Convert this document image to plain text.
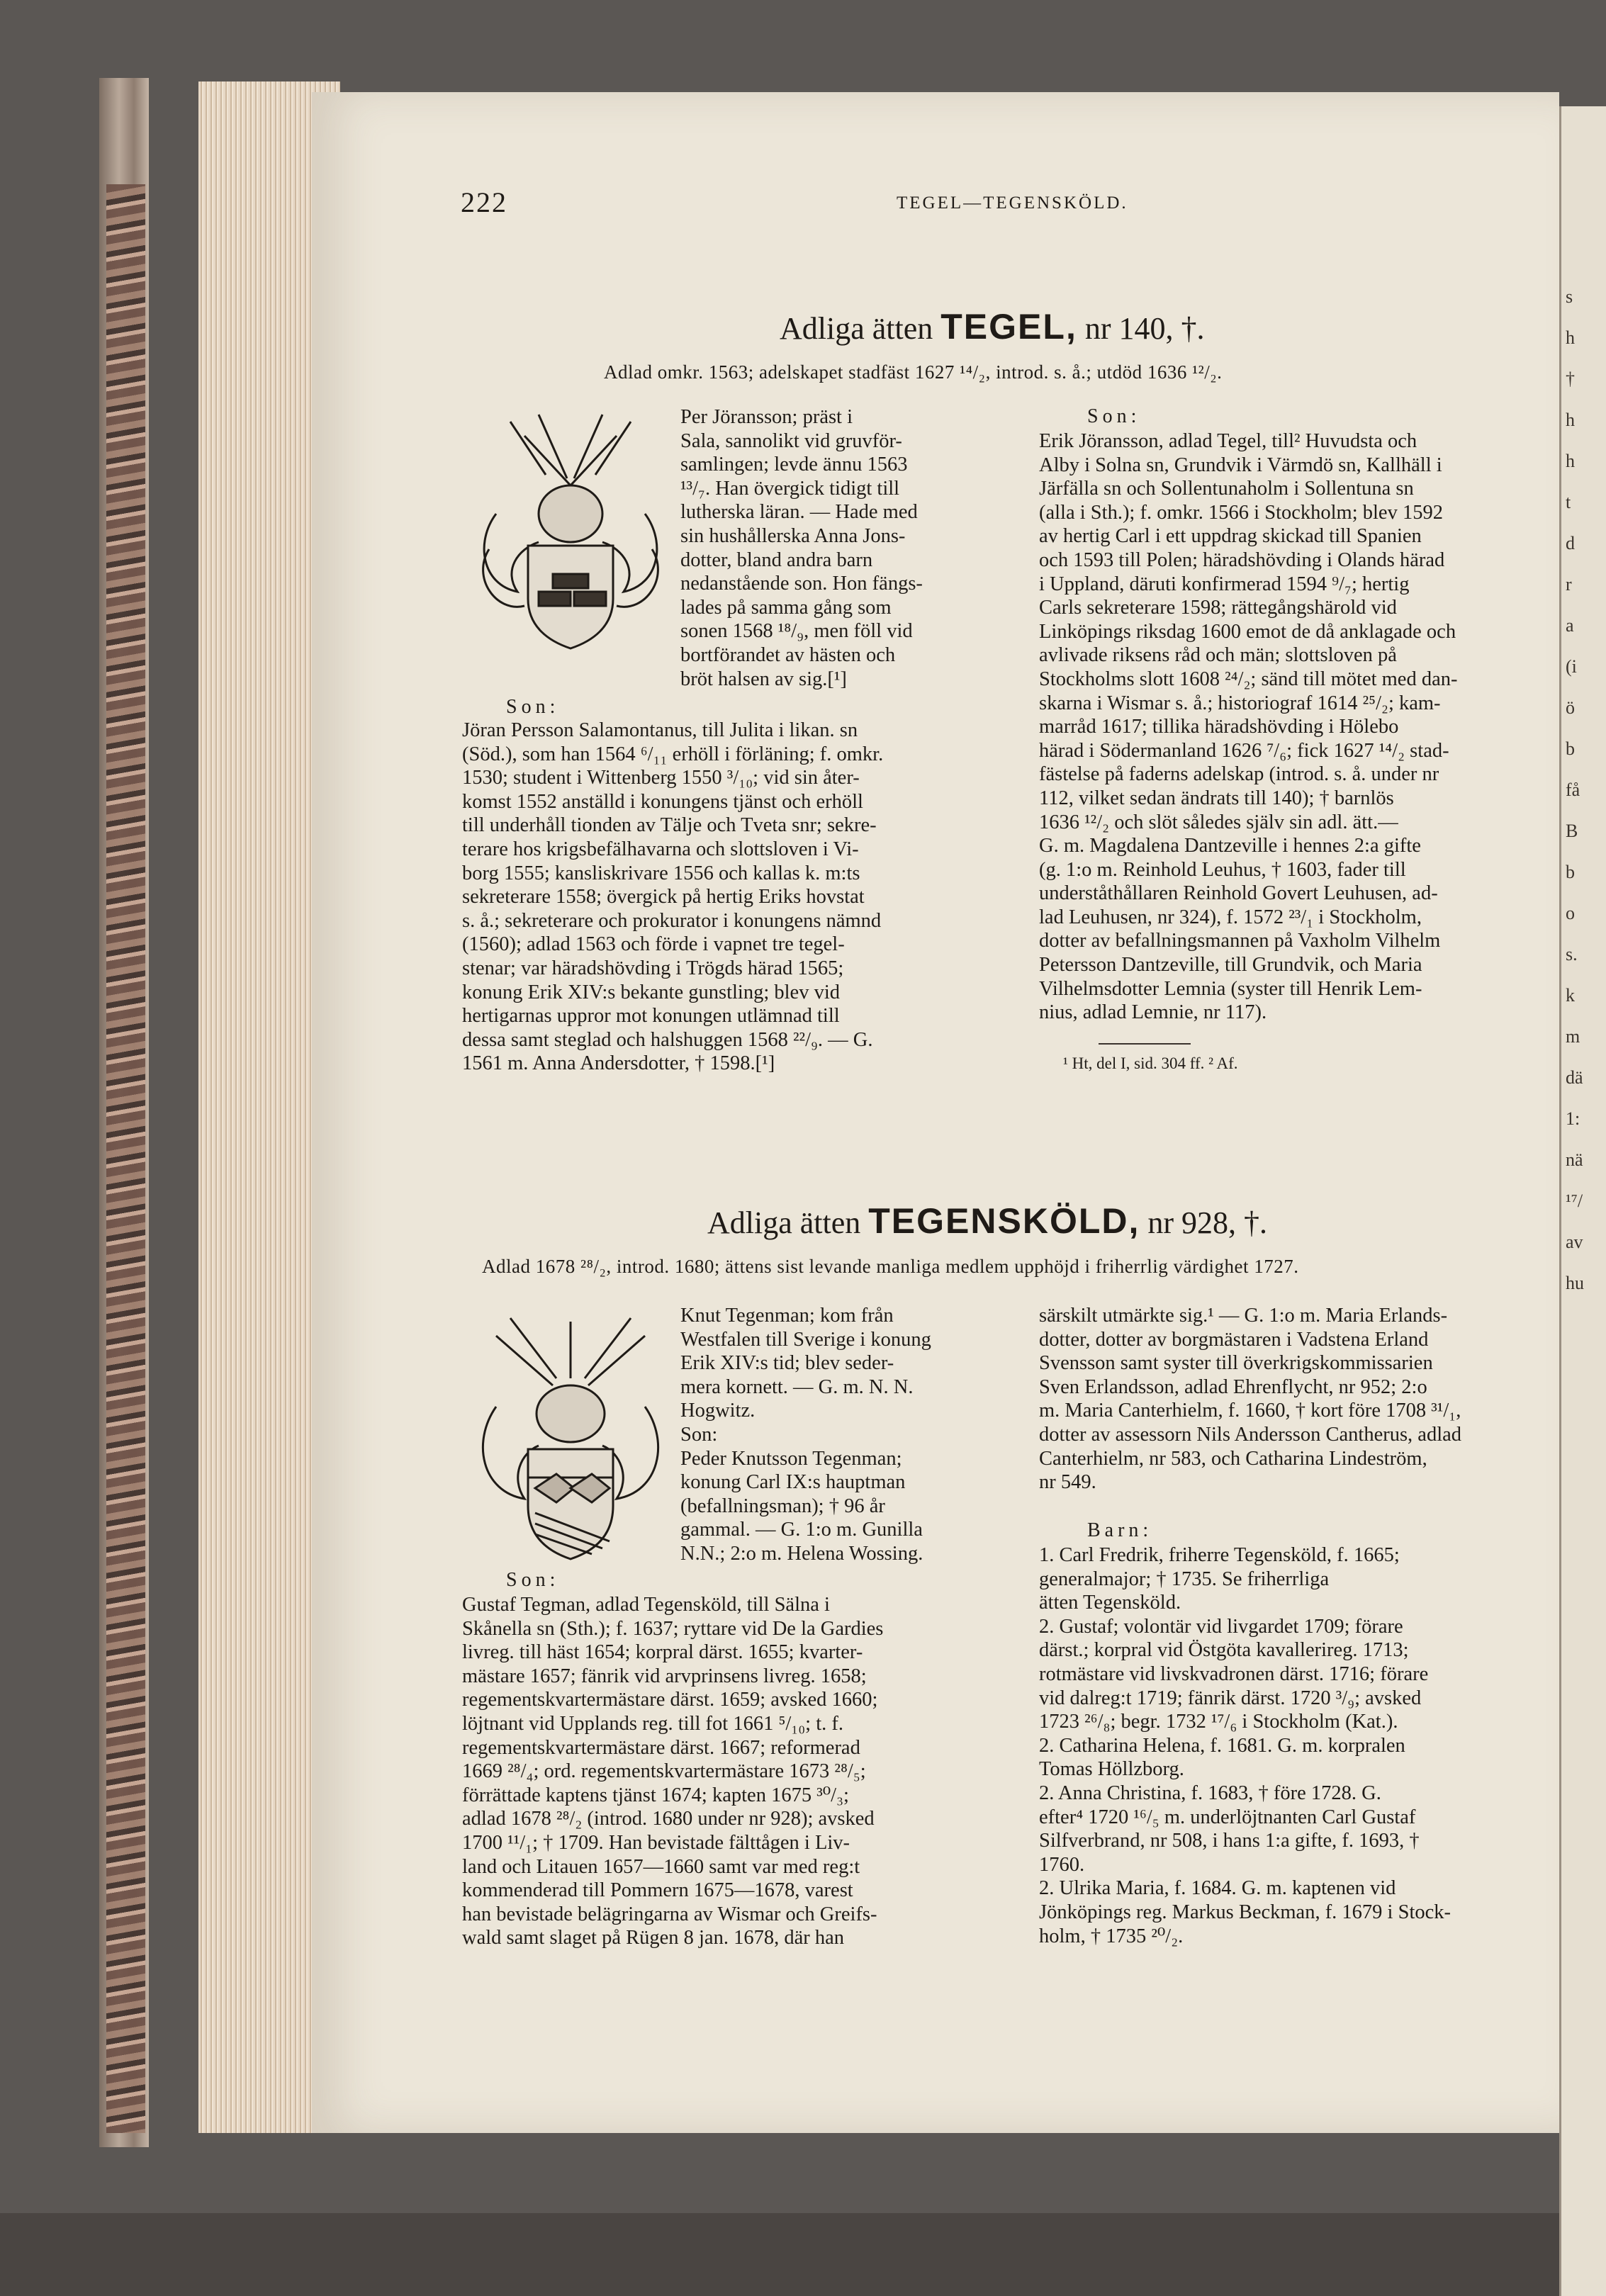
s
h
†
h
h
t
d
r
a
(i
ö
b
få
B
b
o
s.
k
m
dä
1:
nä
¹⁷/
av
hu
222	TEGEL—TEGENSKÖLD.
Adliga ätten TEGEL, nr 140, †.
Adlad omkr. 1563; adelskapet stadfäst 1627 ¹⁴/₂, introd. s. å.; utdöd 1636 ¹²/₂.
Per Jöransson; präst i
Sala, sannolikt vid gruvför-
samlingen; levde ännu 1563
¹³/₇. Han övergick tidigt till
lutherska läran. — Hade med
sin hushållerska Anna Jons-
dotter, bland andra barn
nedanstående son. Hon fängs-
lades på samma gång som
sonen 1568 ¹⁸/₉, men föll vid
bortförandet av hästen och
bröt halsen av sig.[¹]
Son:
Jöran Persson Salamontanus, till Julita i likan. sn
(Söd.), som han 1564 ⁶/₁₁ erhöll i förläning; f. omkr.
1530; student i Wittenberg 1550 ³/₁₀; vid sin åter-
komst 1552 anställd i konungens tjänst och erhöll
till underhåll tionden av Tälje och Tveta snr; sekre-
terare hos krigsbefälhavarna och slottsloven i Vi-
borg 1555; kansliskrivare 1556 och kallas k. m:ts
sekreterare 1558; övergick på hertig Eriks hovstat
s. å.; sekreterare och prokurator i konungens nämnd
(1560); adlad 1563 och förde i vapnet tre tegel-
stenar; var häradshövding i Trögds härad 1565;
konung Erik XIV:s bekante gunstling; blev vid
hertigarnas uppror mot konungen utlämnad till
dessa samt steglad och halshuggen 1568 ²²/₉. — G.
1561 m. Anna Andersdotter, † 1598.[¹]
Son:
Erik Jöransson, adlad Tegel, till² Huvudsta och
Alby i Solna sn, Grundvik i Värmdö sn, Kallhäll i
Järfälla sn och Sollentunaholm i Sollentuna sn
(alla i Sth.); f. omkr. 1566 i Stockholm; blev 1592
av hertig Carl i ett uppdrag skickad till Spanien
och 1593 till Polen; häradshövding i Olands härad
i Uppland, däruti konfirmerad 1594 ⁹/₇; hertig
Carls sekreterare 1598; rättegångshärold vid
Linköpings riksdag 1600 emot de då anklagade och
avlivade riksens råd och män; slottsloven på
Stockholms slott 1608 ²⁴/₂; sänd till mötet med dan-
skarna i Wismar s. å.; historiograf 1614 ²⁵/₂; kam-
marråd 1617; tillika häradshövding i Hölebo
härad i Södermanland 1626 ⁷/₆; fick 1627 ¹⁴/₂ stad-
fästelse på faderns adelskap (introd. s. å. under nr
112, vilket sedan ändrats till 140); † barnlös
1636 ¹²/₂ och slöt således själv sin adl. ätt.—
G. m. Magdalena Dantzeville i hennes 2:a gifte
(g. 1:o m. Reinhold Leuhus, † 1603, fader till
underståthållaren Reinhold Govert Leuhusen, ad-
lad Leuhusen, nr 324), f. 1572 ²³/₁ i Stockholm,
dotter av befallningsmannen på Vaxholm Vilhelm
Petersson Dantzeville, till Grundvik, och Maria
Vilhelmsdotter Lemnia (syster till Henrik Lem-
nius, adlad Lemnie, nr 117).
¹ Ht, del I, sid. 304 ff. ² Af.
Adliga ätten TEGENSKÖLD, nr 928, †.
Adlad 1678 ²⁸/₂, introd. 1680; ättens sist levande manliga medlem upphöjd i friherrlig värdighet 1727.
Knut Tegenman; kom från
Westfalen till Sverige i konung
Erik XIV:s tid; blev seder-
mera kornett. — G. m. N. N.
Hogwitz.
Son:
Peder Knutsson Tegenman;
konung Carl IX:s hauptman
(befallningsman); † 96 år
gammal. — G. 1:o m. Gunilla
N.N.; 2:o m. Helena Wossing.
Son:
Gustaf Tegman, adlad Tegensköld, till Sälna i
Skånella sn (Sth.); f. 1637; ryttare vid De la Gardies
livreg. till häst 1654; korpral därst. 1655; kvarter-
mästare 1657; fänrik vid arvprinsens livreg. 1658;
regementskvartermästare därst. 1659; avsked 1660;
löjtnant vid Upplands reg. till fot 1661 ⁵/₁₀; t. f.
regementskvartermästare därst. 1667; reformerad
1669 ²⁸/₄; ord. regementskvartermästare 1673 ²⁸/₅;
förrättade kaptens tjänst 1674; kapten 1675 ³⁰/₃;
adlad 1678 ²⁸/₂ (introd. 1680 under nr 928); avsked
1700 ¹¹/₁; † 1709. Han bevistade fälttågen i Liv-
land och Litauen 1657—1660 samt var med reg:t
kommenderad till Pommern 1675—1678, varest
han bevistade belägringarna av Wismar och Greifs-
wald samt slaget på Rügen 8 jan. 1678, där han
särskilt utmärkte sig.¹ — G. 1:o m. Maria Erlands-
dotter, dotter av borgmästaren i Vadstena Erland
Svensson samt syster till överkrigskommissarien
Sven Erlandsson, adlad Ehrenflycht, nr 952; 2:o
m. Maria Canterhielm, f. 1660, † kort före 1708 ³¹/₁,
dotter av assessorn Nils Andersson Cantherus, adlad
Canterhielm, nr 583, och Catharina Lindeström,
nr 549.
Barn:
1. Carl Fredrik, friherre Tegensköld, f. 1665;
generalmajor; † 1735. Se friherrliga
ätten Tegensköld.
2. Gustaf; volontär vid livgardet 1709; förare
därst.; korpral vid Östgöta kavallerireg. 1713;
rotmästare vid livskvadronen därst. 1716; förare
vid dalreg:t 1719; fänrik därst. 1720 ³/₉; avsked
1723 ²⁶/₈; begr. 1732 ¹⁷/₆ i Stockholm (Kat.).
2. Catharina Helena, f. 1681. G. m. korpralen
Tomas Höllzborg.
2. Anna Christina, f. 1683, † före 1728. G.
efter⁴ 1720 ¹⁶/₅ m. underlöjtnanten Carl Gustaf
Silfverbrand, nr 508, i hans 1:a gifte, f. 1693, †
1760.
2. Ulrika Maria, f. 1684. G. m. kaptenen vid
Jönköpings reg. Markus Beckman, f. 1679 i Stock-
holm, † 1735 ²⁰/₂.
